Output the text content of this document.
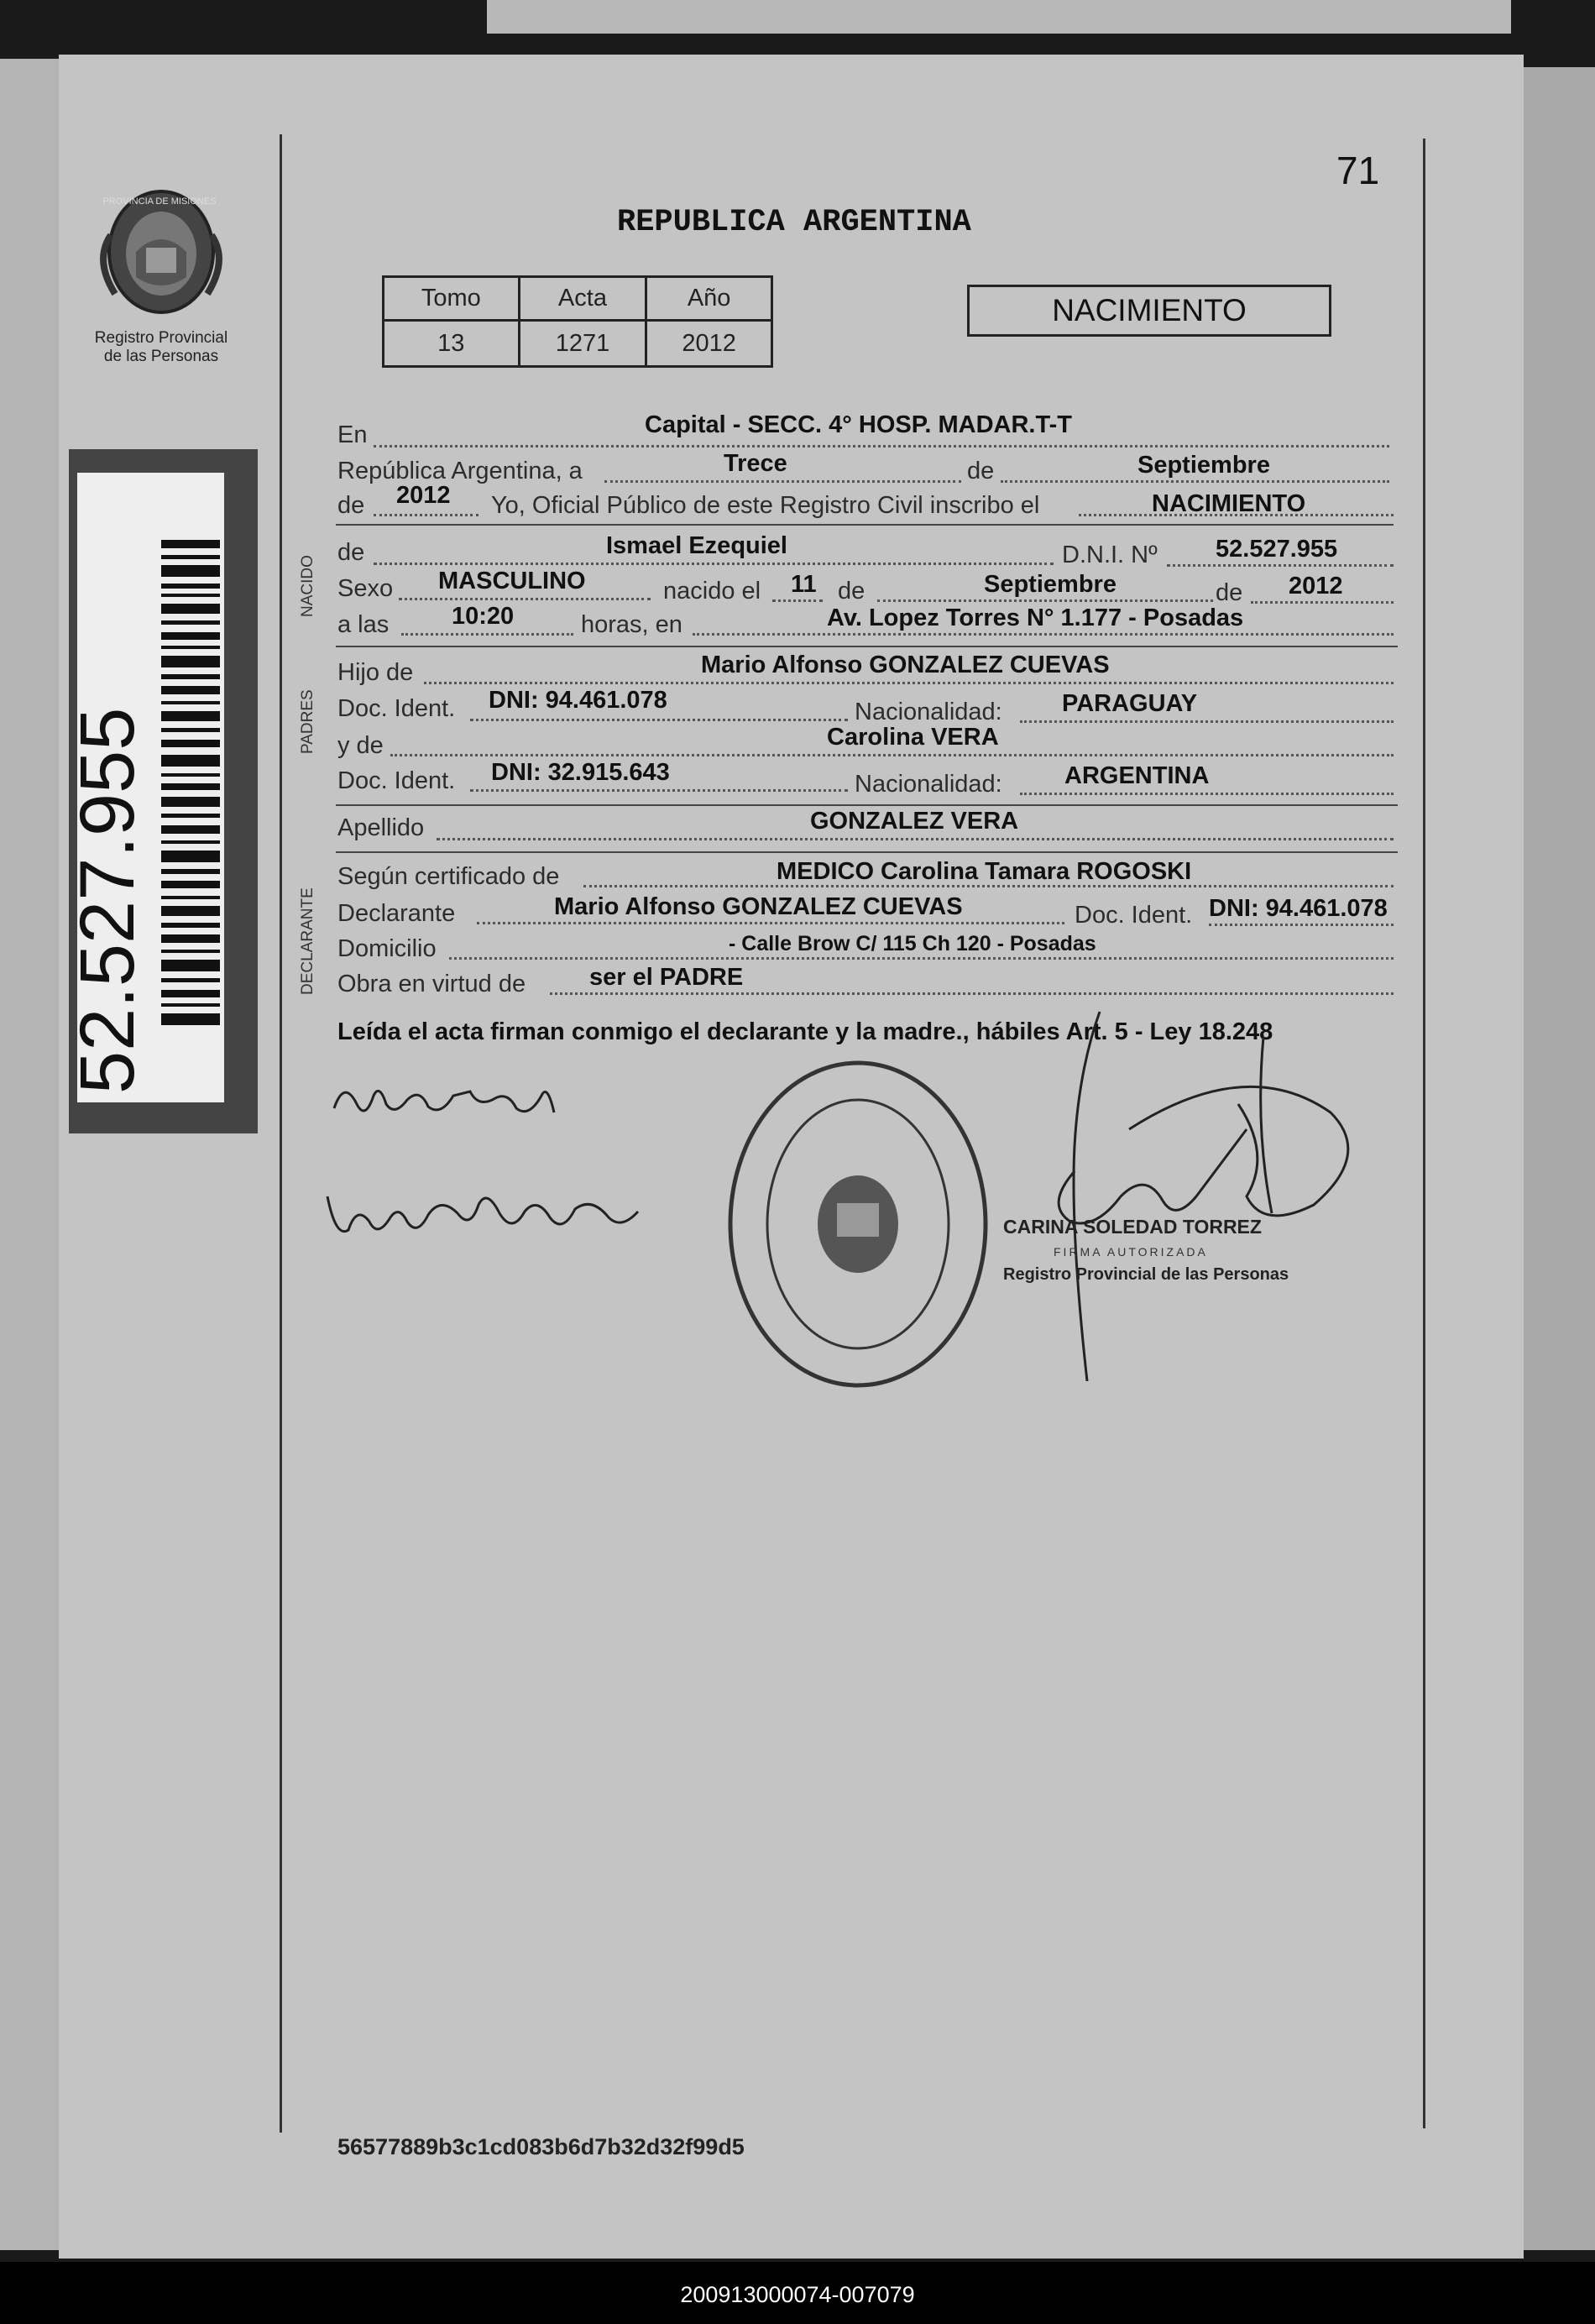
PROVINCIA DE MISIONES
Registro Provincial
de las Personas
52.527.955
71
REPUBLICA ARGENTINA
Tomo	Acta	Año
13	1271	2012
NACIMIENTO
NACIDO
PADRES
DECLARANTE
En	Capital - SECC. 4° HOSP. MADAR.T-T
República Argentina, a	Trece	de	Septiembre
de 2012 Yo, Oficial Público de este Registro Civil inscribo el	NACIMIENTO
de	Ismael Ezequiel	D.N.I. Nº 52.527.955
Sexo MASCULINO	nacido el 11 de	Septiembre	de 2012
a las	10:20	horas, en	Av. Lopez Torres N° 1.177 - Posadas
Hijo de	Mario Alfonso GONZALEZ CUEVAS
Doc. Ident. DNI: 94.461.078	Nacionalidad: PARAGUAY
y de	Carolina VERA
Doc. Ident. DNI: 32.915.643	Nacionalidad:	ARGENTINA
Apellido	GONZALEZ VERA
Según certificado de	MEDICO Carolina Tamara ROGOSKI
Declarante	Mario Alfonso GONZALEZ CUEVAS	Doc. Ident. DNI: 94.461.078
Domicilio	- Calle Brow C/ 115 Ch 120 - Posadas
Obra en virtud de	ser el PADRE
Leída el acta firman conmigo el declarante y la madre., hábiles Art. 5 - Ley 18.248
CARINA SOLEDAD TORREZ
FIRMA AUTORIZADA
Registro Provincial de las Personas
56577889b3c1cd083b6d7b32d32f99d5
200913000074-007079
